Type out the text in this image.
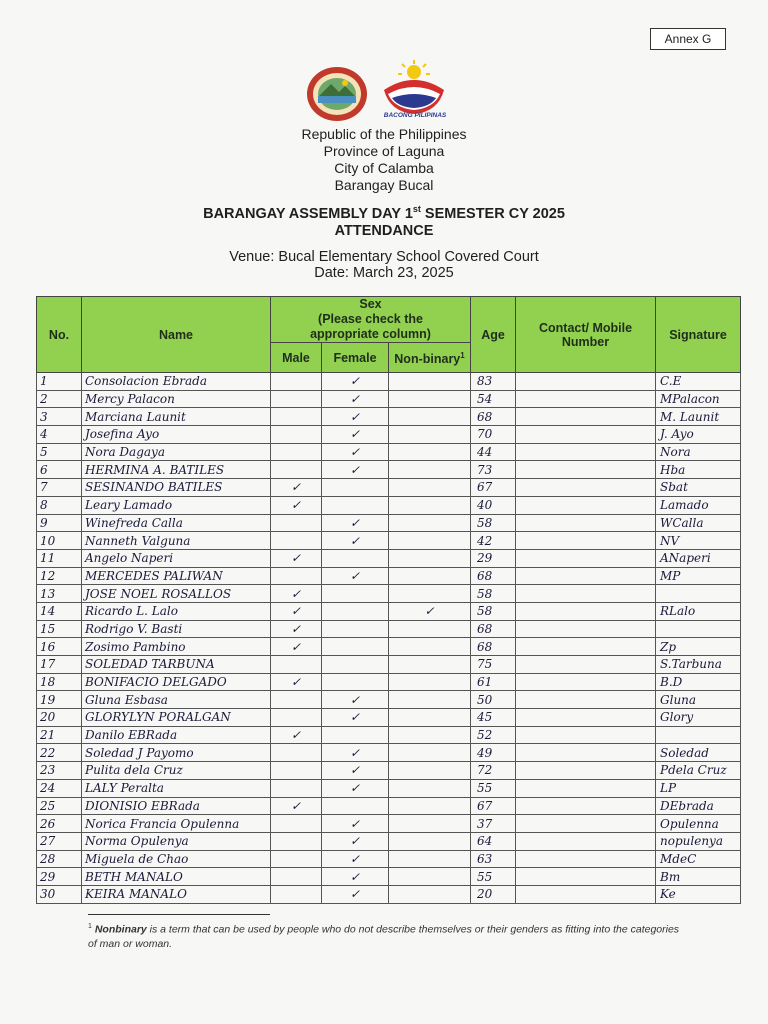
Annex G
BACONG PILIPINAS
Republic of the Philippines
Province of Laguna
City of Calamba
Barangay Bucal
BARANGAY ASSEMBLY DAY 1st SEMESTER CY 2025
ATTENDANCE
Venue: Bucal Elementary School Covered Court
Date: March 23, 2025
No.	Name	Sex
(Please check the
appropriate column)			Age	Contact/ Mobile Number	Signature
		Male	Female	Non-binary$^1$
1	Consolacion Ebrada		✓		83		C.E
2	Mercy Palacon		✓		54		MPalacon
3	Marciana Launit		✓		68		M. Launit
4	Josefina Ayo		✓		70		J. Ayo
5	Nora Dagaya		✓		44		Nora
6	HERMINA A. BATILES		✓		73		Hba
7	SESINANDO BATILES	✓			67		Sbat
8	Leary Lamado	✓			40		Lamado
9	Winefreda Calla		✓		58		WCalla
10	Nanneth Valguna		✓		42		NV
11	Angelo Naperi	✓			29		ANaperi
12	MERCEDES PALIWAN		✓		68		MP
13	JOSE NOEL ROSALLOS	✓			58		
14	Ricardo L. Lalo	✓		✓	58		RLalo
15	Rodrigo V. Basti	✓			68		
16	Zosimo Pambino	✓			68		Zp
17	SOLEDAD TARBUNA				75		S.Tarbuna
18	BONIFACIO DELGADO	✓			61		B.D
19	Gluna Esbasa		✓		50		Gluna
20	GLORYLYN PORALGAN		✓		45		Glory
21	Danilo EBRada	✓			52		
22	Soledad J Payomo		✓		49		Soledad
23	Pulita dela Cruz		✓		72		Pdela Cruz
24	LALY Peralta		✓		55		LP
25	DIONISIO EBRada	✓			67		DEbrada
26	Norica Francia Opulenna		✓		37		Opulenna
27	Norma Opulenya		✓		64		nopulenya
28	Miguela de Chao		✓		63		MdeC
29	BETH MANALO		✓		55		Bm
30	KEIRA MANALO		✓		20		Ke
$^1$ Nonbinary is a term that can be used by people who do not describe themselves or their genders as fitting into the categories of man or woman.
